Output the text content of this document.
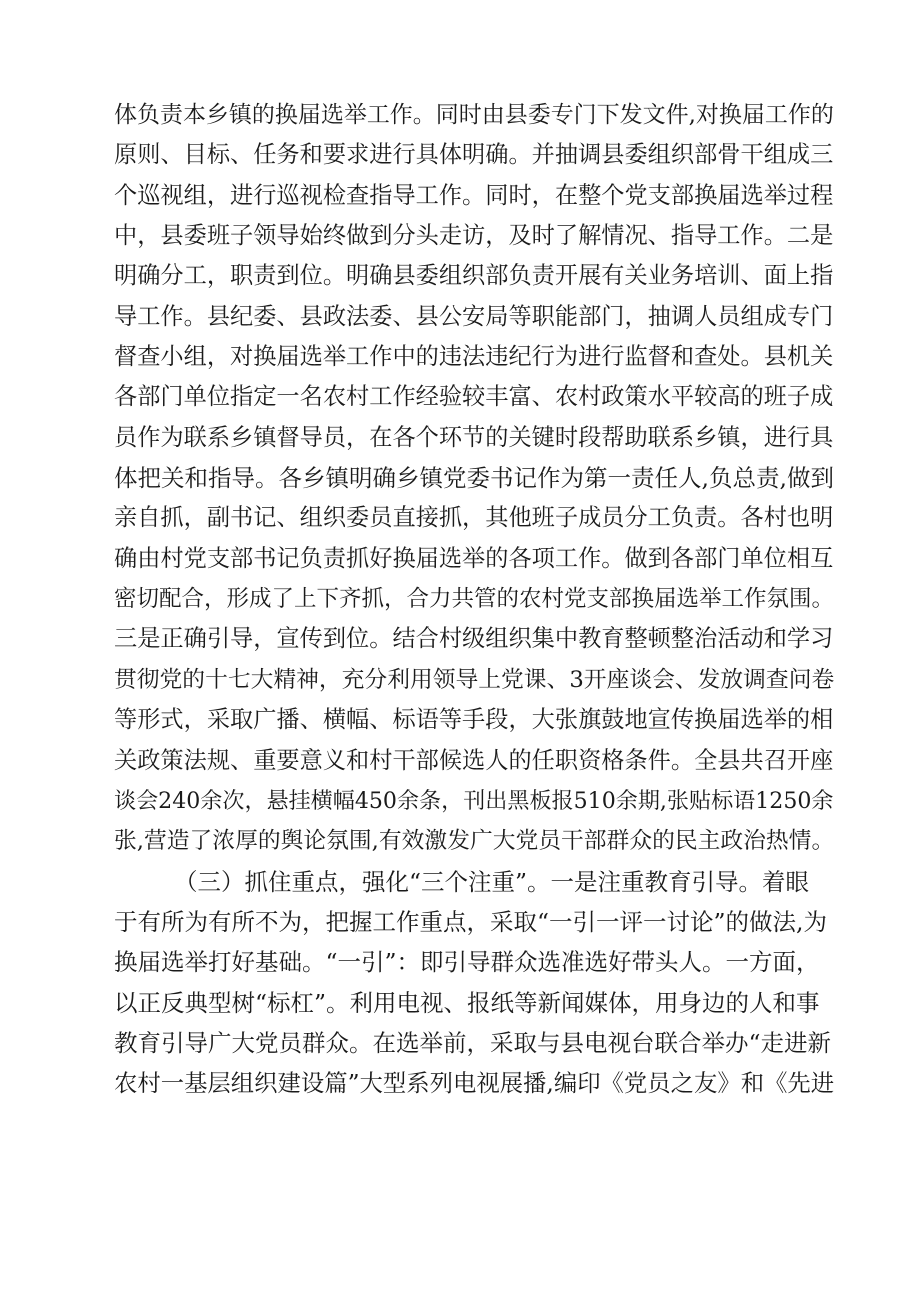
体负责本乡镇的换届选举工作。同时由县委专门下发文件,对换届工作的
原则、目标、任务和要求进行具体明确。并抽调县委组织部骨干组成三
个巡视组，进行巡视检查指导工作。同时，在整个党支部换届选举过程
中，县委班子领导始终做到分头走访，及时了解情况、指导工作。二是
明确分工，职责到位。明确县委组织部负责开展有关业务培训、面上指
导工作。县纪委、县政法委、县公安局等职能部门，抽调人员组成专门
督查小组，对换届选举工作中的违法违纪行为进行监督和查处。县机关
各部门单位指定一名农村工作经验较丰富、农村政策水平较高的班子成
员作为联系乡镇督导员，在各个环节的关键时段帮助联系乡镇，进行具
体把关和指导。各乡镇明确乡镇党委书记作为第一责任人,负总责,做到
亲自抓，副书记、组织委员直接抓，其他班子成员分工负责。各村也明
确由村党支部书记负责抓好换届选举的各项工作。做到各部门单位相互
密切配合，形成了上下齐抓，合力共管的农村党支部换届选举工作氛围。
三是正确引导，宣传到位。结合村级组织集中教育整顿整治活动和学习
贯彻党的十七大精神，充分利用领导上党课、3开座谈会、发放调查问卷
等形式，采取广播、横幅、标语等手段，大张旗鼓地宣传换届选举的相
关政策法规、重要意义和村干部候选人的任职资格条件。全县共召开座
谈会240余次，悬挂横幅450余条，刊出黑板报510余期,张贴标语1250余
张,营造了浓厚的舆论氛围,有效激发广大党员干部群众的民主政治热情。
（三）抓住重点，强化“三个注重”。一是注重教育引导。着眼
于有所为有所不为，把握工作重点，采取“一引一评一讨论”的做法,为
换届选举打好基础。“一引”：即引导群众选准选好带头人。一方面，
以正反典型树“标杠”。利用电视、报纸等新闻媒体，用身边的人和事
教育引导广大党员群众。在选举前，采取与县电视台联合举办“走进新
农村一基层组织建设篇”大型系列电视展播,编印《党员之友》和《先进
